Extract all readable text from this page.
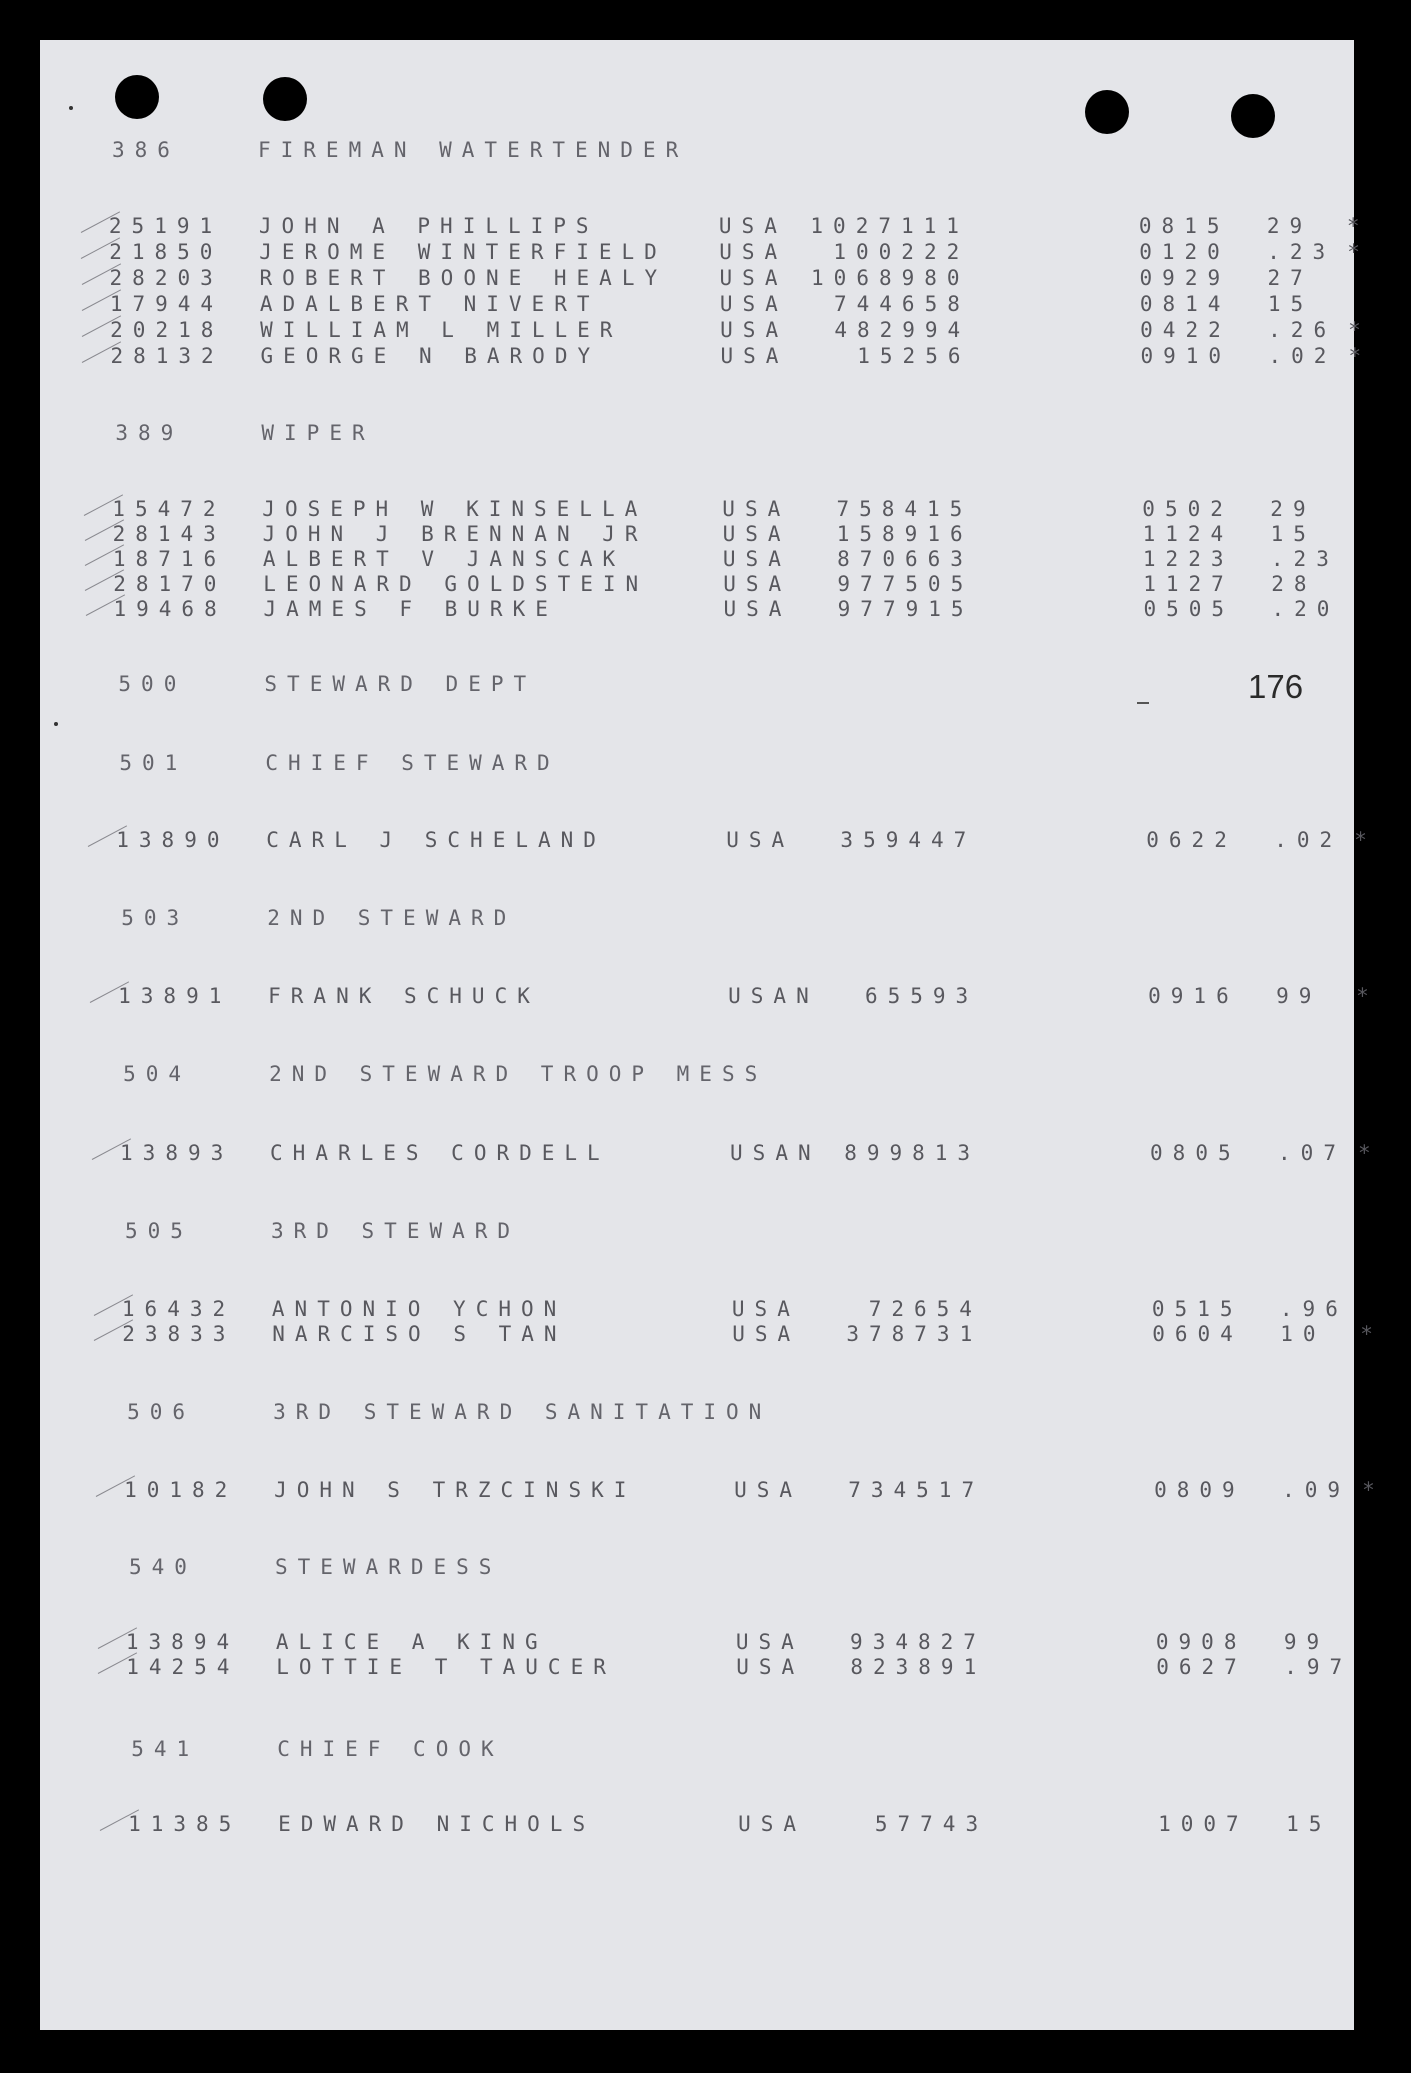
176
386	FIREMAN WATERTENDER
25191 JOHN A PHILLIPS	USA 1027111	0815 29 *
21850 JEROME WINTERFIELD USA 100222	0120 .23 *
28203 ROBERT BOONE HEALY USA 1068980	0929 27
17944 ADALBERT NIVERT	USA 744658	0814 15
20218 WILLIAM L MILLER	USA 482994	0422 .26 *
28132 GEORGE N BARODY	USA	15256	0910 .02 *
389	WIPER
15472 JOSEPH W KINSELLA	USA 758415	0502 29
28143 JOHN J BRENNAN JR	USA 158916	1124 15
18716 ALBERT V JANSCAK	USA 870663	1223 .23
28170 LEONARD GOLDSTEIN	USA 977505	1127 28
19468 JAMES F BURKE	USA 977915	0505 .20
500	STEWARD DEPT
501	CHIEF STEWARD
13890 CARL J SCHELAND	USA 359447	0622 .02 *
503	2ND STEWARD
13891 FRANK SCHUCK	USAN 65593	0916 99 *
504	2ND STEWARD TROOP MESS
13893 CHARLES CORDELL	USAN 899813	0805 .07 *
505	3RD STEWARD
16432 ANTONIO YCHON	USA	72654	0515 .96
23833 NARCISO S TAN	USA 378731	0604 10 *
506	3RD STEWARD SANITATION
10182 JOHN S TRZCINSKI	USA 734517	0809 .09 *
540	STEWARDESS
13894 ALICE A KING	USA 934827	0908 99
14254 LOTTIE T TAUCER	USA 823891	0627 .97
541	CHIEF COOK
11385 EDWARD NICHOLS	USA	57743	1007 15
